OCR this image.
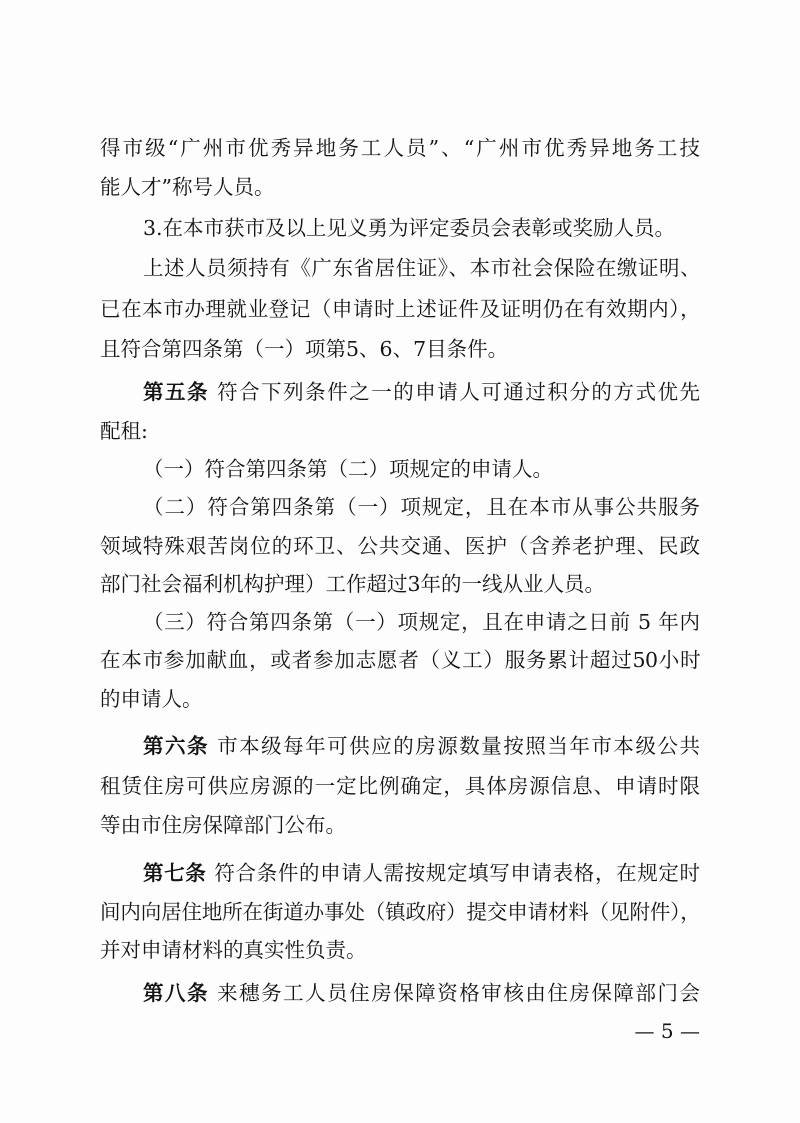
得市级“广州市优秀异地务工人员”、“广州市优秀异地务工技
能人才”称号人员。
3.在本市获市及以上见义勇为评定委员会表彰或奖励人员。
上述人员须持有《广东省居住证》、本市社会保险在缴证明、
已在本市办理就业登记（申请时上述证件及证明仍在有效期内），
且符合第四条第（一）项第5、6、7目条件。
第五条 符合下列条件之一的申请人可通过积分的方式优先
配租:
（一）符合第四条第（二）项规定的申请人。
（二）符合第四条第（一）项规定，且在本市从事公共服务
领域特殊艰苦岗位的环卫、公共交通、医护（含养老护理、民政
部门社会福利机构护理）工作超过3年的一线从业人员。
（三）符合第四条第（一）项规定，且在申请之日前 5 年内
在本市参加献血，或者参加志愿者（义工）服务累计超过50小时
的申请人。
第六条 市本级每年可供应的房源数量按照当年市本级公共
租赁住房可供应房源的一定比例确定，具体房源信息、申请时限
等由市住房保障部门公布。
第七条 符合条件的申请人需按规定填写申请表格，在规定时
间内向居住地所在街道办事处（镇政府）提交申请材料（见附件），
并对申请材料的真实性负责。
第八条 来穗务工人员住房保障资格审核由住房保障部门会
— 5 —
